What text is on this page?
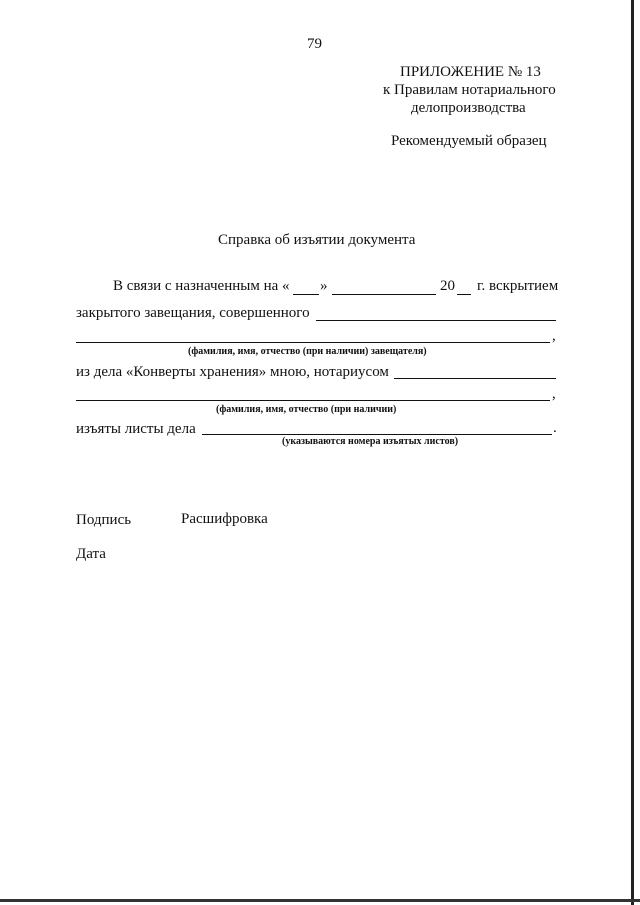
79
ПРИЛОЖЕНИЕ № 13
к Правилам нотариального
делопроизводства
Рекомендуемый образец
Справка об изъятии документа
В связи с назначенным на « »	20 г. вскрытием
закрытого завещания, совершенного
,
(фамилия, имя, отчество (при наличии) завещателя)
из дела «Конверты хранения» мною, нотариусом
,
(фамилия, имя, отчество (при наличии)
изъяты листы дела	.
(указываются номера изъятых листов)
Подпись	Расшифровка
Дата
